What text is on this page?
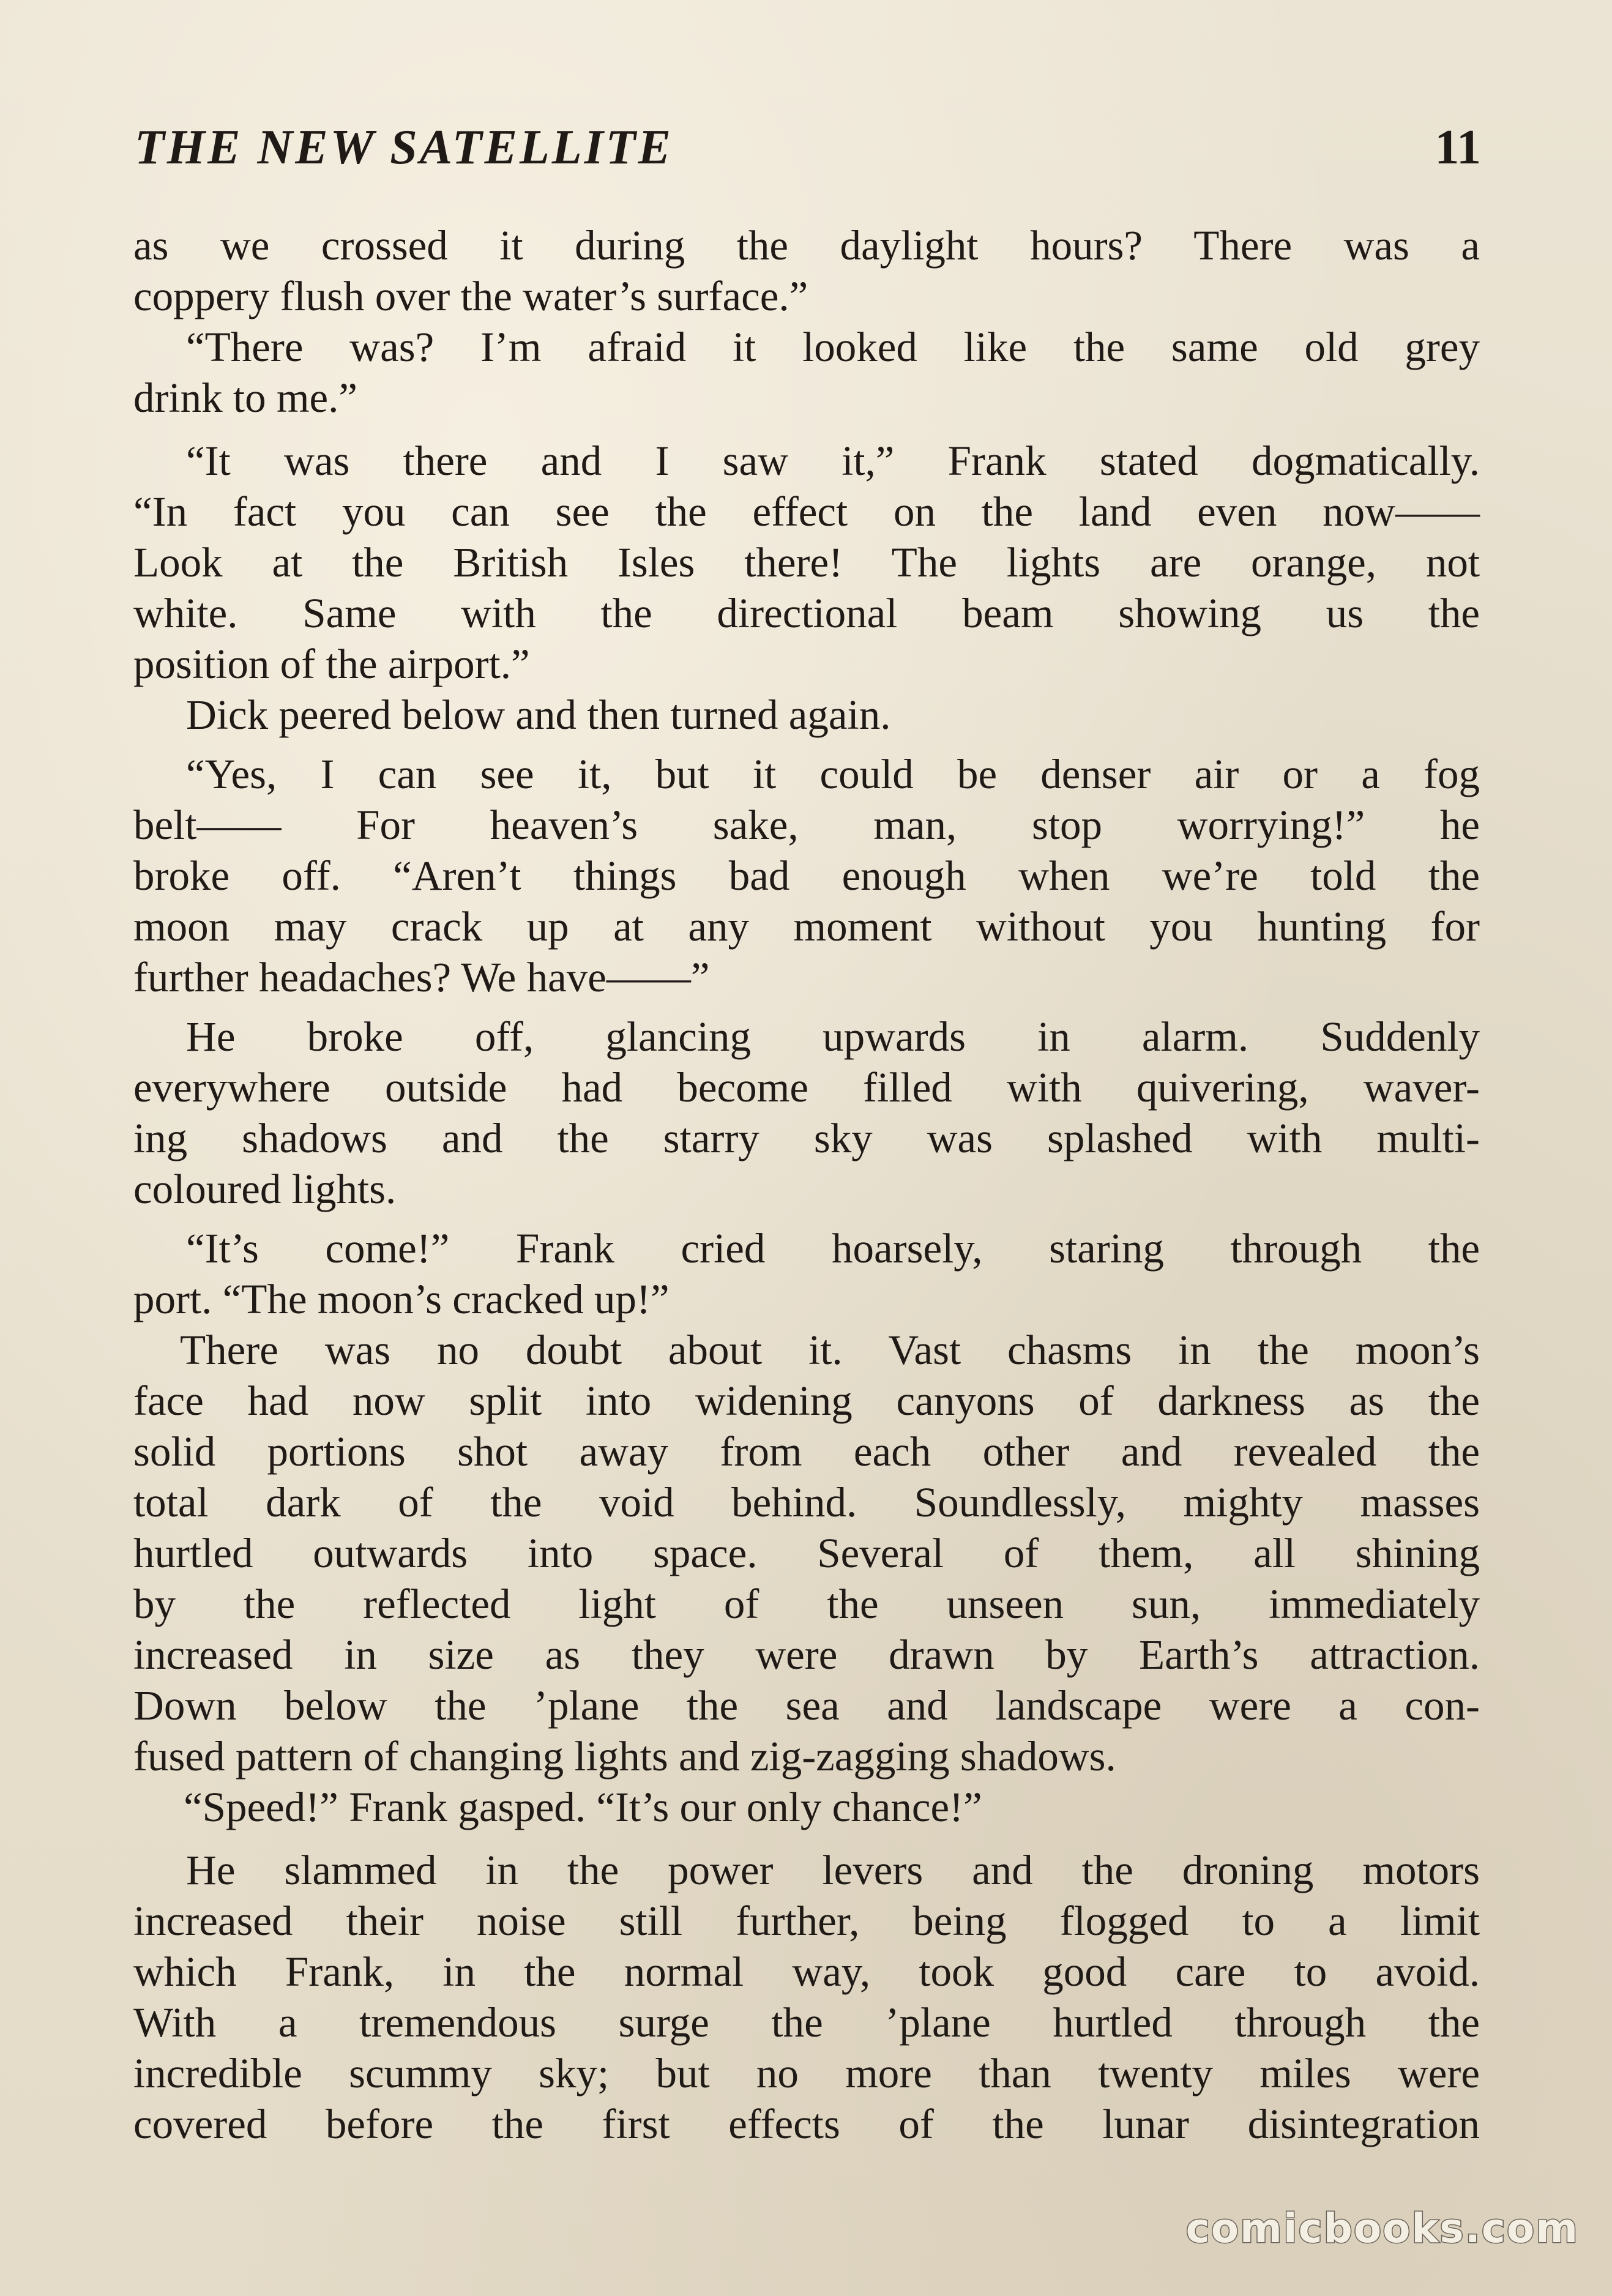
THE NEW SATELLITE	11
as we crossed it during the daylight hours? There was a
coppery flush over the water’s surface.”
“There was? I’m afraid it looked like the same old grey
drink to me.”
“It was there and I saw it,” Frank stated dogmatically.
“In fact you can see the effect on the land even now——
Look at the British Isles there! The lights are orange, not
white. Same with the directional beam showing us the
position of the airport.”
Dick peered below and then turned again.
“Yes, I can see it, but it could be denser air or a fog
belt—— For heaven’s sake, man, stop worrying!” he
broke off. “Aren’t things bad enough when we’re told the
moon may crack up at any moment without you hunting for
further headaches? We have——”
He broke off, glancing upwards in alarm. Suddenly
everywhere outside had become filled with quivering, waver-
ing shadows and the starry sky was splashed with multi-
coloured lights.
“It’s come!” Frank cried hoarsely, staring through the
port. “The moon’s cracked up!”
There was no doubt about it. Vast chasms in the moon’s
face had now split into widening canyons of darkness as the
solid portions shot away from each other and revealed the
total dark of the void behind. Soundlessly, mighty masses
hurtled outwards into space. Several of them, all shining
by the reflected light of the unseen sun, immediately
increased in size as they were drawn by Earth’s attraction.
Down below the ’plane the sea and landscape were a con-
fused pattern of changing lights and zig-zagging shadows.
“Speed!” Frank gasped. “It’s our only chance!”
He slammed in the power levers and the droning motors
increased their noise still further, being flogged to a limit
which Frank, in the normal way, took good care to avoid.
With a tremendous surge the ’plane hurtled through the
incredible scummy sky; but no more than twenty miles were
covered before the first effects of the lunar disintegration
comicbooks.com
